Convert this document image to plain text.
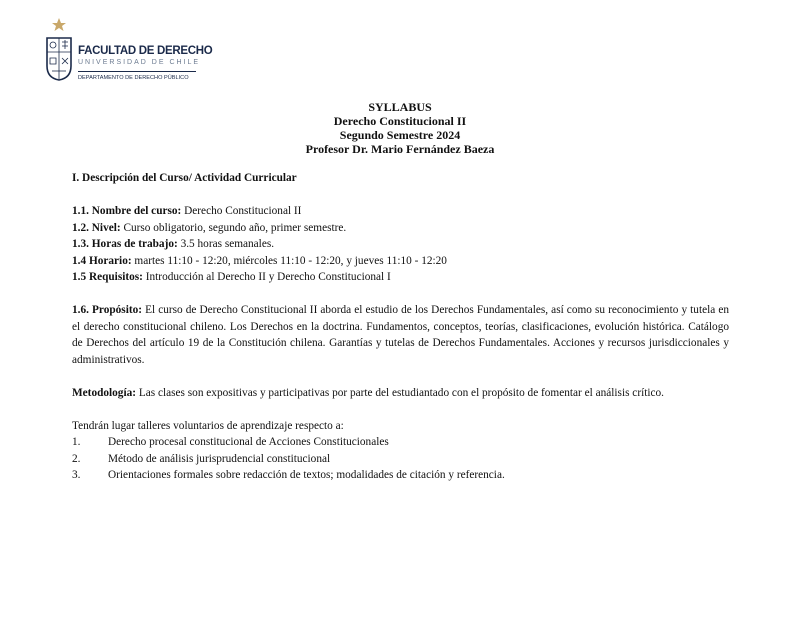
FACULTAD DE DERECHO
UNIVERSIDAD DE CHILE
DEPARTAMENTO DE DERECHO PÚBLICO
SYLLABUS
Derecho Constitucional II
Segundo Semestre 2024
Profesor Dr. Mario Fernández Baeza

I. Descripción del Curso/ Actividad Curricular

1.1. Nombre del curso: Derecho Constitucional II

1.2. Nivel: Curso obligatorio, segundo año, primer semestre.

1.3. Horas de trabajo: 3.5 horas semanales.

1.4 Horario: martes 11:10 - 12:20, miércoles 11:10 - 12:20, y jueves 11:10 - 12:20

1.5 Requisitos: Introducción al Derecho II y Derecho Constitucional I

1.6. Propósito: El curso de Derecho Constitucional II aborda el estudio de los Derechos Fundamentales, así como su reconocimiento y tutela en el derecho constitucional chileno. Los Derechos en la doctrina. Fundamentos, conceptos, teorías, clasificaciones, evolución histórica. Catálogo de Derechos del artículo 19 de la Constitución chilena. Garantías y tutelas de Derechos Fundamentales. Acciones y recursos jurisdiccionales y administrativos.

Metodología: Las clases son expositivas y participativas por parte del estudiantado con el propósito de fomentar el análisis crítico.

Tendrán lugar talleres voluntarios de aprendizaje respecto a:

1.	Derecho procesal constitucional de Acciones Constitucionales
2.	Método de análisis jurisprudencial constitucional
3.	Orientaciones formales sobre redacción de textos; modalidades de citación y referencia.
